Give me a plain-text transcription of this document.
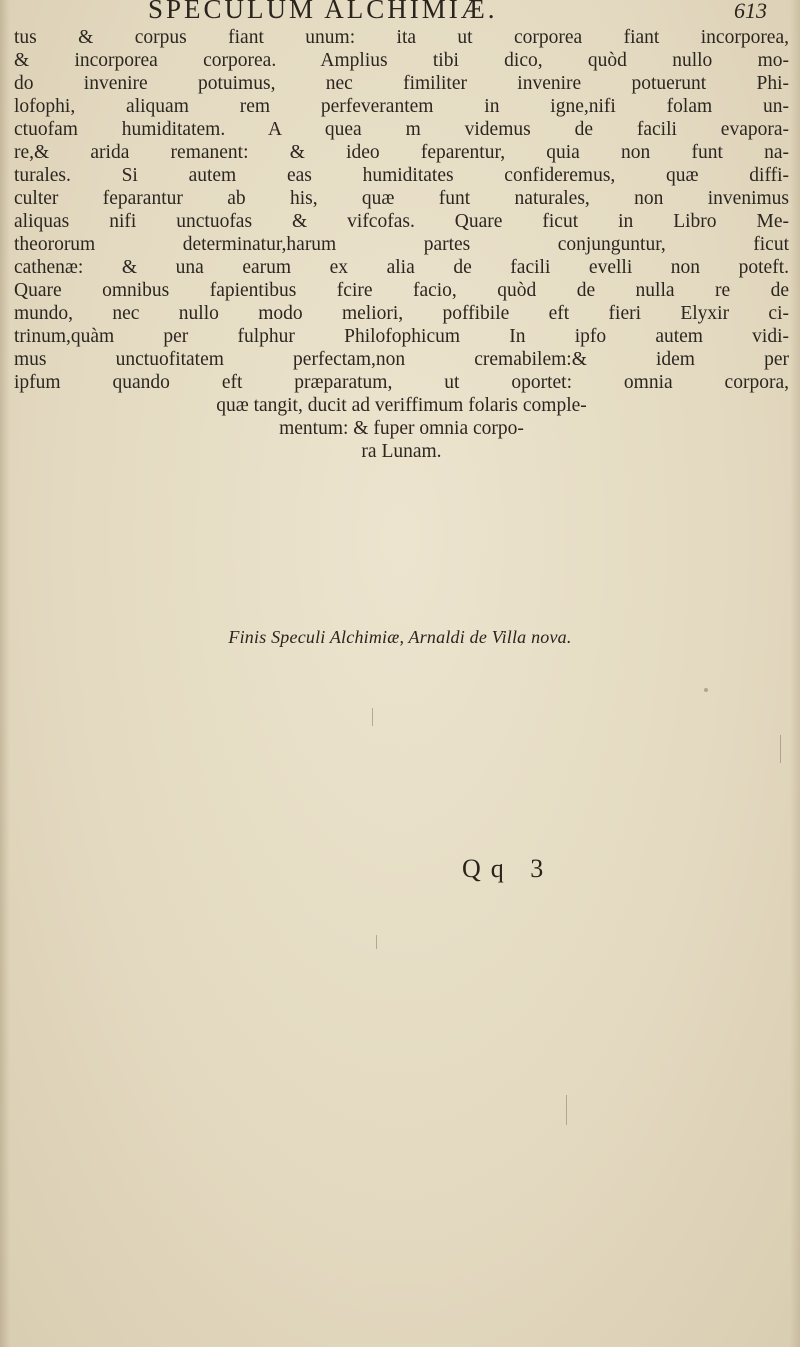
SPECULUM ALCHIMIÆ.	613
tus & corpus fiant unum: ita ut corporea fiant incorporea,
& incorporea corporea. Amplius tibi dico, quòd nullo mo-
do invenire potuimus, nec fimiliter invenire potuerunt Phi-
lofophi, aliquam rem perfeverantem in igne,nifi folam un-
ctuofam humiditatem. A quea m videmus de facili evapora-
re,& arida remanent: & ideo feparentur, quia non funt na-
turales. Si autem eas humiditates confideremus, quæ diffi-
culter feparantur ab his, quæ funt naturales, non invenimus
aliquas nifi unctuofas & vifcofas. Quare ficut in Libro Me-
theororum determinatur,harum partes conjunguntur, ficut
cathenæ: & una earum ex alia de facili evelli non poteft.
Quare omnibus fapientibus fcire facio, quòd de nulla re de
mundo, nec nullo modo meliori, poffibile eft fieri Elyxir ci-
trinum,quàm per fulphur Philofophicum In ipfo autem vidi-
mus unctuofitatem perfectam,non cremabilem:& idem per
ipfum quando eft præparatum, ut oportet: omnia corpora,
quæ tangit, ducit ad veriffimum folaris comple-
mentum: & fuper omnia corpo-
ra Lunam.
Finis Speculi Alchimiæ, Arnaldi de Villa nova.
Qq 3
